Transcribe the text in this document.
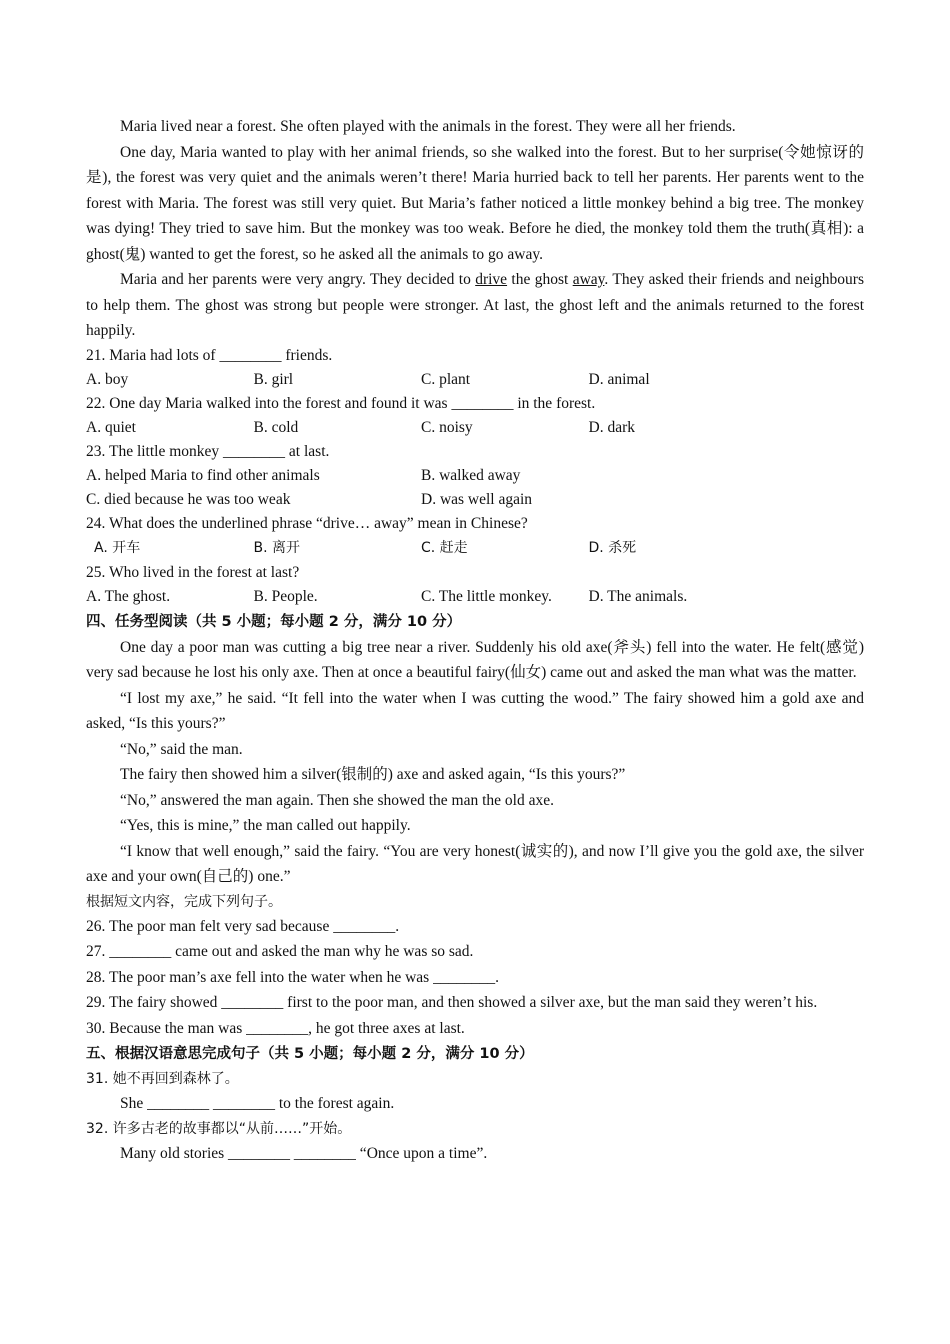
Maria lived near a forest. She often played with the animals in the forest. They were all her friends.

One day, Maria wanted to play with her animal friends, so she walked into the forest. But to her surprise(令她惊讶的是), the forest was very quiet and the animals weren’t there! Maria hurried back to tell her parents. Her parents went to the forest with Maria. The forest was still very quiet. But Maria’s father noticed a little monkey behind a big tree. The monkey was dying! They tried to save him. But the monkey was too weak. Before he died, the monkey told them the truth(真相): a ghost(鬼) wanted to get the forest, so he asked all the animals to go away.

Maria and her parents were very angry. They decided to drive the ghost away. They asked their friends and neighbours to help them. The ghost was strong but people were stronger. At last, the ghost left and the animals returned to the forest happily.

21. Maria had lots of ________ friends.

A. boy	B. girl	C. plant	D. animal

22. One day Maria walked into the forest and found it was ________ in the forest.

A. quiet	B. cold	C. noisy	D. dark

23. The little monkey ________ at last.

A. helped Maria to find other animals	B. walked away
C. died because he was too weak	D. was well again

24. What does the underlined phrase “drive… away” mean in Chinese?

A. 开车	B. 离开	C. 赶走	D. 杀死

25. Who lived in the forest at last?

A. The ghost.	B. People.	C. The little monkey.	D. The animals.

四、任务型阅读（共 5 小题；每小题 2 分，满分 10 分）

One day a poor man was cutting a big tree near a river. Suddenly his old axe(斧头) fell into the water. He felt(感觉) very sad because he lost his only axe. Then at once a beautiful fairy(仙女) came out and asked the man what was the matter.

“I lost my axe,” he said. “It fell into the water when I was cutting the wood.” The fairy showed him a gold axe and asked, “Is this yours?”

“No,” said the man.

The fairy then showed him a silver(银制的) axe and asked again, “Is this yours?”

“No,” answered the man again. Then she showed the man the old axe.

“Yes, this is mine,” the man called out happily.

“I know that well enough,” said the fairy. “You are very honest(诚实的), and now I’ll give you the gold axe, the silver axe and your own(自己的) one.”

根据短文内容，完成下列句子。

26. The poor man felt very sad because ________.

27. ________ came out and asked the man why he was so sad.

28. The poor man’s axe fell into the water when he was ________.

29. The fairy showed ________ first to the poor man, and then showed a silver axe, but the man said they weren’t his.

30. Because the man was ________, he got three axes at last.

五、根据汉语意思完成句子（共 5 小题；每小题 2 分，满分 10 分）

31. 她不再回到森林了。

She ________ ________ to the forest again.

32. 许多古老的故事都以“从前……”开始。

Many old stories ________ ________ “Once upon a time”.
